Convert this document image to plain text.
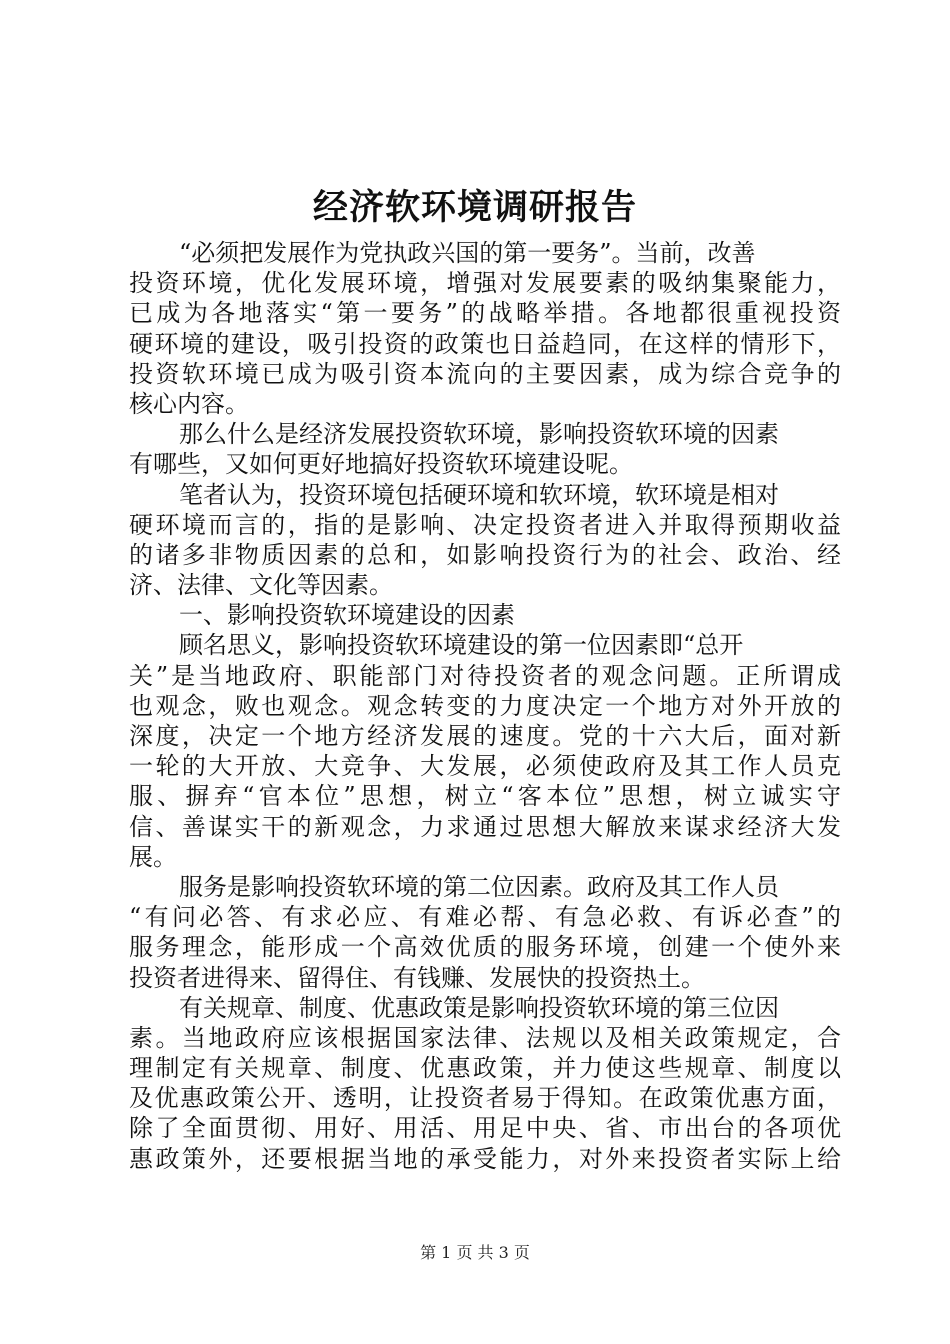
经济软环境调研报告
“必须把发展作为党执政兴国的第一要务”。当前，改善
投资环境，优化发展环境，增强对发展要素的吸纳集聚能力，
已成为各地落实“第一要务”的战略举措。各地都很重视投资
硬环境的建设，吸引投资的政策也日益趋同，在这样的情形下，
投资软环境已成为吸引资本流向的主要因素，成为综合竞争的
核心内容。
那么什么是经济发展投资软环境，影响投资软环境的因素
有哪些，又如何更好地搞好投资软环境建设呢。
笔者认为，投资环境包括硬环境和软环境，软环境是相对
硬环境而言的，指的是影响、决定投资者进入并取得预期收益
的诸多非物质因素的总和，如影响投资行为的社会、政治、经
济、法律、文化等因素。
一、影响投资软环境建设的因素
顾名思义，影响投资软环境建设的第一位因素即“总开
关”是当地政府、职能部门对待投资者的观念问题。正所谓成
也观念，败也观念。观念转变的力度决定一个地方对外开放的
深度，决定一个地方经济发展的速度。党的十六大后，面对新
一轮的大开放、大竞争、大发展，必须使政府及其工作人员克
服、摒弃“官本位”思想，树立“客本位”思想，树立诚实守
信、善谋实干的新观念，力求通过思想大解放来谋求经济大发
展。
服务是影响投资软环境的第二位因素。政府及其工作人员
“有问必答、有求必应、有难必帮、有急必救、有诉必查”的
服务理念，能形成一个高效优质的服务环境，创建一个使外来
投资者进得来、留得住、有钱赚、发展快的投资热土。
有关规章、制度、优惠政策是影响投资软环境的第三位因
素。当地政府应该根据国家法律、法规以及相关政策规定，合
理制定有关规章、制度、优惠政策，并力使这些规章、制度以
及优惠政策公开、透明，让投资者易于得知。在政策优惠方面，
除了全面贯彻、用好、用活、用足中央、省、市出台的各项优
惠政策外，还要根据当地的承受能力，对外来投资者实际上给
第 1 页 共 3 页
